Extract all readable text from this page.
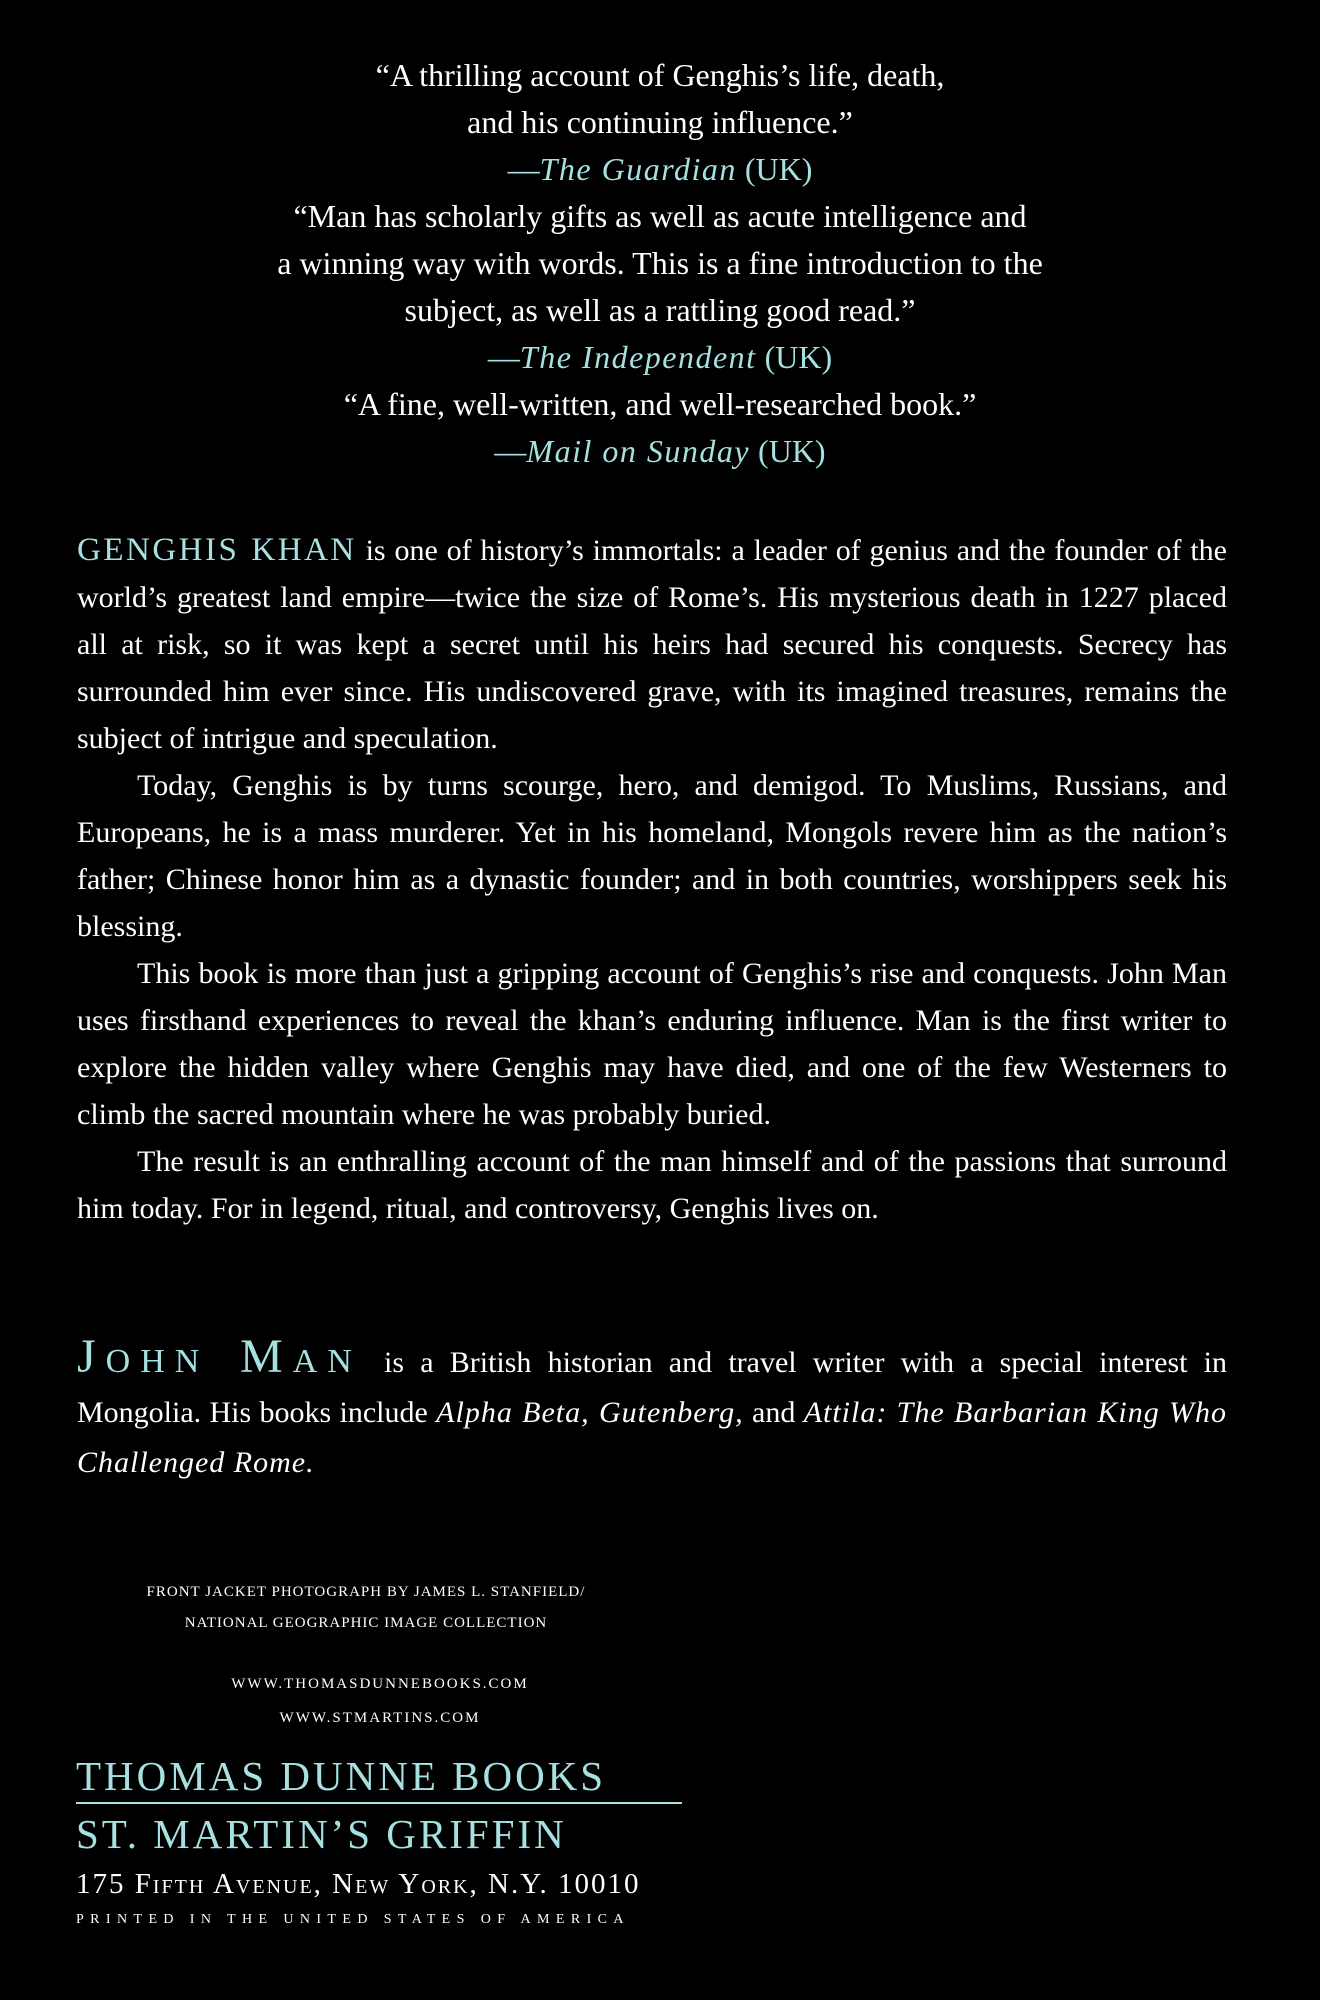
“A thrilling account of Genghis’s life, death,
and his continuing influence.”
—The Guardian (UK)
“Man has scholarly gifts as well as acute intelligence and
a winning way with words. This is a fine introduction to the
subject, as well as a rattling good read.”
—The Independent (UK)
“A fine, well-written, and well-researched book.”
—Mail on Sunday (UK)

GENGHIS KHAN is one of history’s immortals: a leader of genius and the founder of the world’s greatest land empire—twice the size of Rome’s. His mysterious death in 1227 placed all at risk, so it was kept a secret until his heirs had secured his conquests. Secrecy has surrounded him ever since. His undiscovered grave, with its imagined treasures, remains the subject of intrigue and speculation.

Today, Genghis is by turns scourge, hero, and demigod. To Muslims, Russians, and Europeans, he is a mass murderer. Yet in his homeland, Mongols revere him as the nation’s father; Chinese honor him as a dynastic founder; and in both countries, worshippers seek his blessing.

This book is more than just a gripping account of Genghis’s rise and conquests. John Man uses firsthand experiences to reveal the khan’s enduring influence. Man is the first writer to explore the hidden valley where Genghis may have died, and one of the few Westerners to climb the sacred mountain where he was probably buried.

The result is an enthralling account of the man himself and of the passions that surround him today. For in legend, ritual, and controversy, Genghis lives on.

John Man is a British historian and travel writer with a special interest in Mongolia. His books include Alpha Beta, Gutenberg, and Attila: The Barbarian King Who Challenged Rome.

FRONT JACKET PHOTOGRAPH BY JAMES L. STANFIELD/
NATIONAL GEOGRAPHIC IMAGE COLLECTION
WWW.THOMASDUNNEBOOKS.COM
WWW.STMARTINS.COM
THOMAS DUNNE BOOKS
ST. MARTIN’S GRIFFIN
175 Fifth Avenue, New York, N.Y. 10010
PRINTED IN THE UNITED STATES OF AMERICA
